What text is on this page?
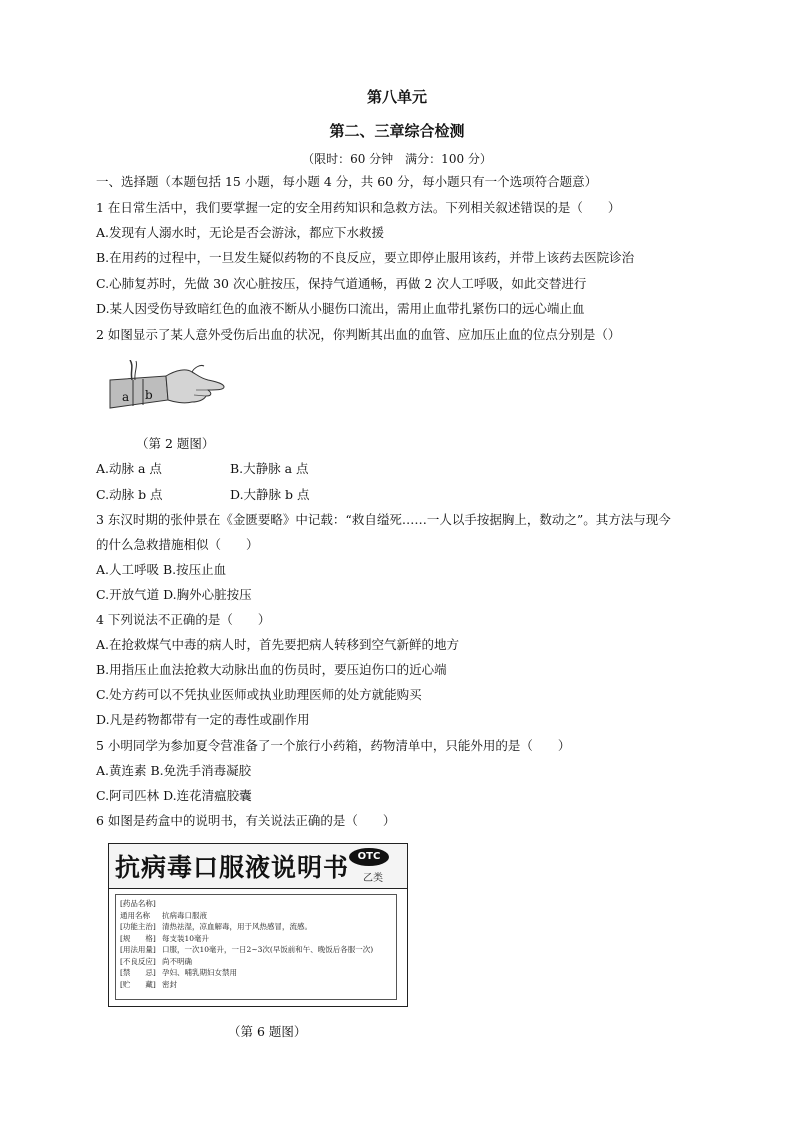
第八单元
第二、三章综合检测
（限时：60 分钟　满分：100 分）
一、选择题（本题包括 15 小题，每小题 4 分，共 60 分，每小题只有一个选项符合题意）
1 在日常生活中，我们要掌握一定的安全用药知识和急救方法。下列相关叙述错误的是（　　）
A.发现有人溺水时，无论是否会游泳，都应下水救援
B.在用药的过程中，一旦发生疑似药物的不良反应，要立即停止服用该药，并带上该药去医院诊治
C.心肺复苏时，先做 30 次心脏按压，保持气道通畅，再做 2 次人工呼吸，如此交替进行
D.某人因受伤导致暗红色的血液不断从小腿伤口流出，需用止血带扎紧伤口的远心端止血
2 如图显示了某人意外受伤后出血的状况，你判断其出血的血管、应加压止血的位点分别是（）
a b
（第 2 题图）
A.动脉 a 点	B.大静脉 a 点
C.动脉 b 点	D.大静脉 b 点
3 东汉时期的张仲景在《金匮要略》中记载：“救自缢死……一人以手按据胸上，数动之”。其方法与现今
的什么急救措施相似（　　）
A.人工呼吸 B.按压止血
C.开放气道 D.胸外心脏按压
4 下列说法不正确的是（　　）
A.在抢救煤气中毒的病人时，首先要把病人转移到空气新鲜的地方
B.用指压止血法抢救大动脉出血的伤员时，要压迫伤口的近心端
C.处方药可以不凭执业医师或执业助理医师的处方就能购买
D.凡是药物都带有一定的毒性或副作用
5 小明同学为参加夏令营准备了一个旅行小药箱，药物清单中，只能外用的是（　　）
A.黄连素 B.免洗手消毒凝胶
C.阿司匹林 D.连花清瘟胶囊
6 如图是药盒中的说明书，有关说法正确的是（　　）
抗病毒口服液说明书 OTC
乙类
[药品名称]
通用名称 抗病毒口服液
[功能主治] 清热祛湿，凉血解毒，用于风热感冒，流感。
[规　　格] 每支装10毫升
[用法用量] 口服，一次10毫升，一日2~3次(早饭前和午、晚饭后各服一次)
[不良反应] 尚不明确
[禁　　忌] 孕妇、哺乳期妇女禁用
[贮　　藏] 密封
（第 6 题图）
